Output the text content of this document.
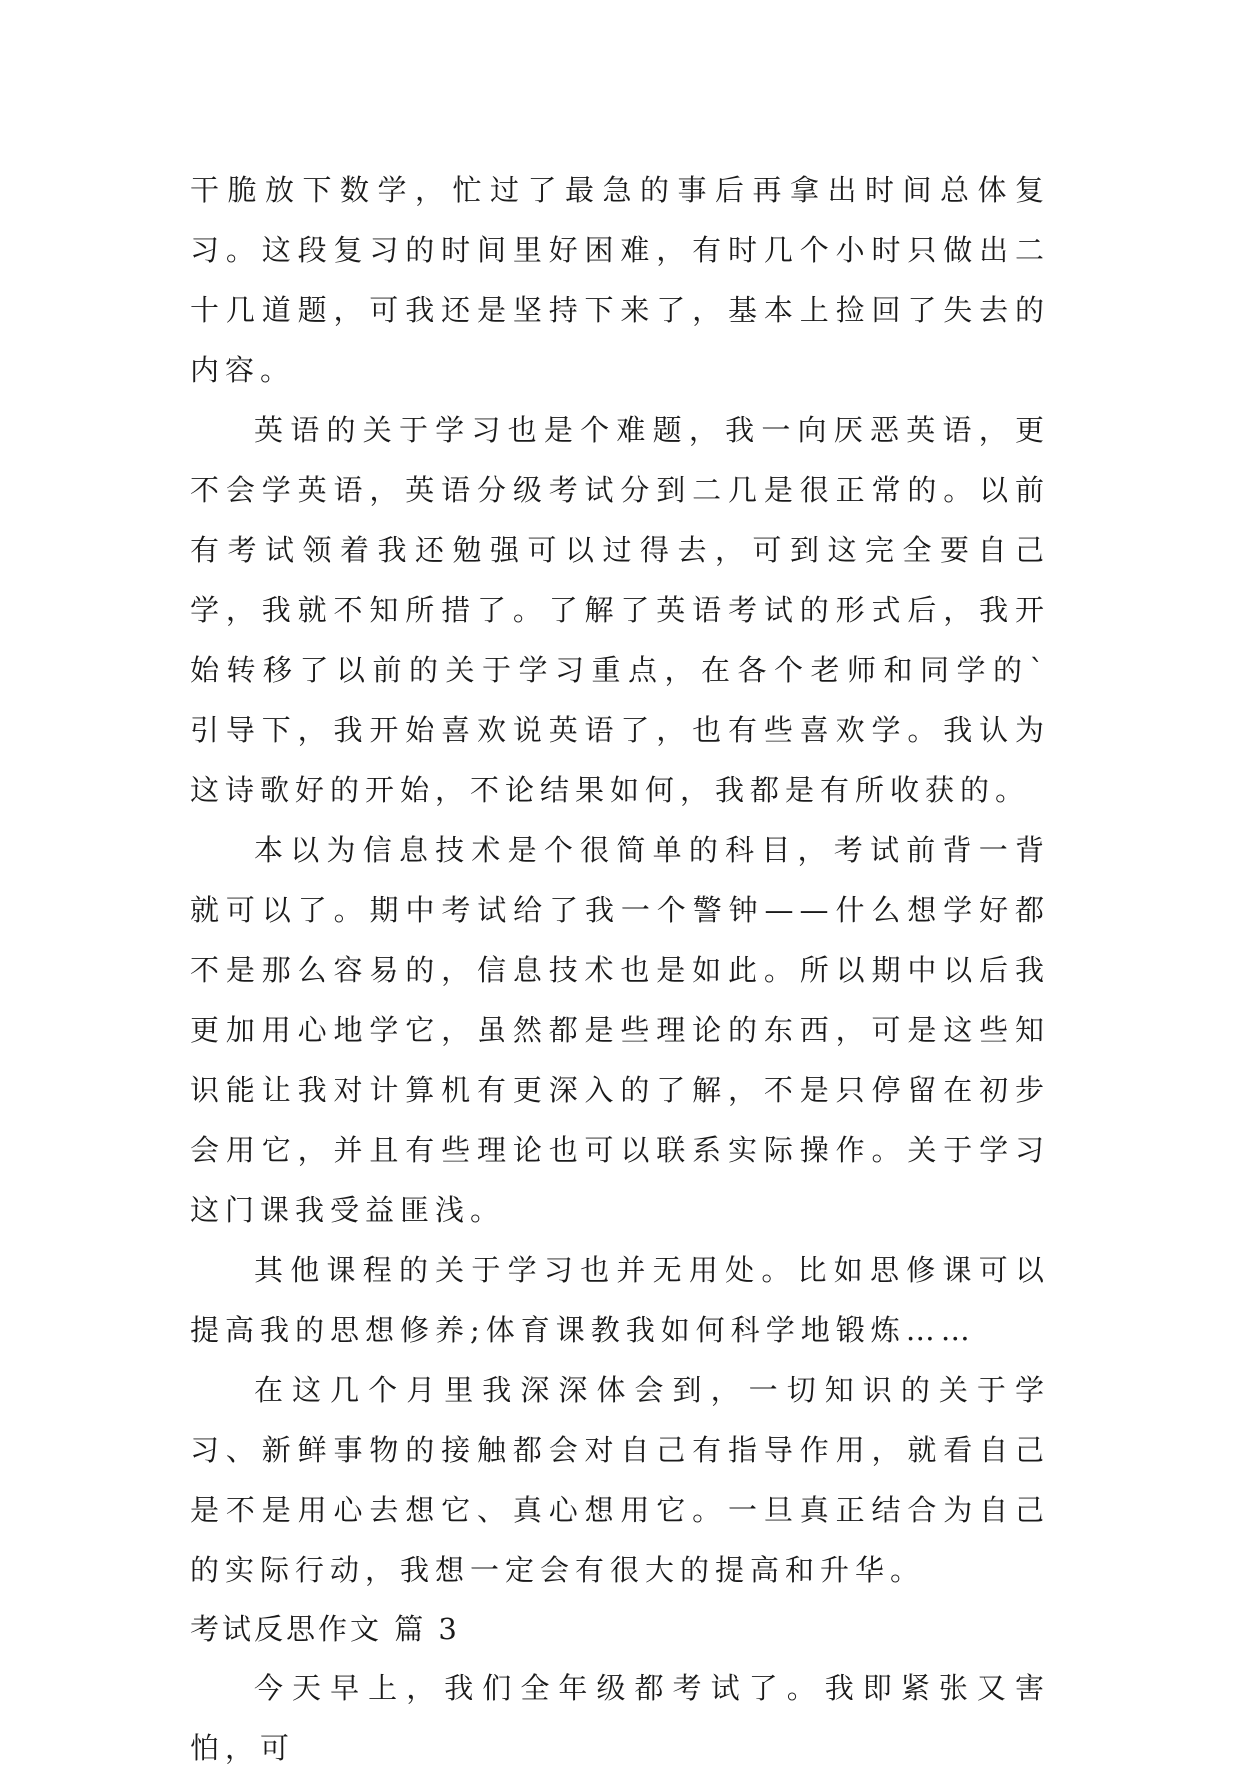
干脆放下数学，忙过了最急的事后再拿出时间总体复习。这段复习的时间里好困难，有时几个小时只做出二十几道题，可我还是坚持下来了，基本上捡回了失去的内容。

英语的关于学习也是个难题，我一向厌恶英语，更不会学英语，英语分级考试分到二几是很正常的。以前有考试领着我还勉强可以过得去，可到这完全要自己学，我就不知所措了。了解了英语考试的形式后，我开始转移了以前的关于学习重点，在各个老师和同学的`引导下，我开始喜欢说英语了，也有些喜欢学。我认为这诗歌好的开始，不论结果如何，我都是有所收获的。

本以为信息技术是个很简单的科目，考试前背一背就可以了。期中考试给了我一个警钟——什么想学好都不是那么容易的，信息技术也是如此。所以期中以后我更加用心地学它，虽然都是些理论的东西，可是这些知识能让我对计算机有更深入的了解，不是只停留在初步会用它，并且有些理论也可以联系实际操作。关于学习这门课我受益匪浅。

其他课程的关于学习也并无用处。比如思修课可以提高我的思想修养;体育课教我如何科学地锻炼……

在这几个月里我深深体会到，一切知识的关于学习、新鲜事物的接触都会对自己有指导作用，就看自己是不是用心去想它、真心想用它。一旦真正结合为自己的实际行动，我想一定会有很大的提高和升华。

考试反思作文 篇 3

今天早上，我们全年级都考试了。我即紧张又害怕，可
